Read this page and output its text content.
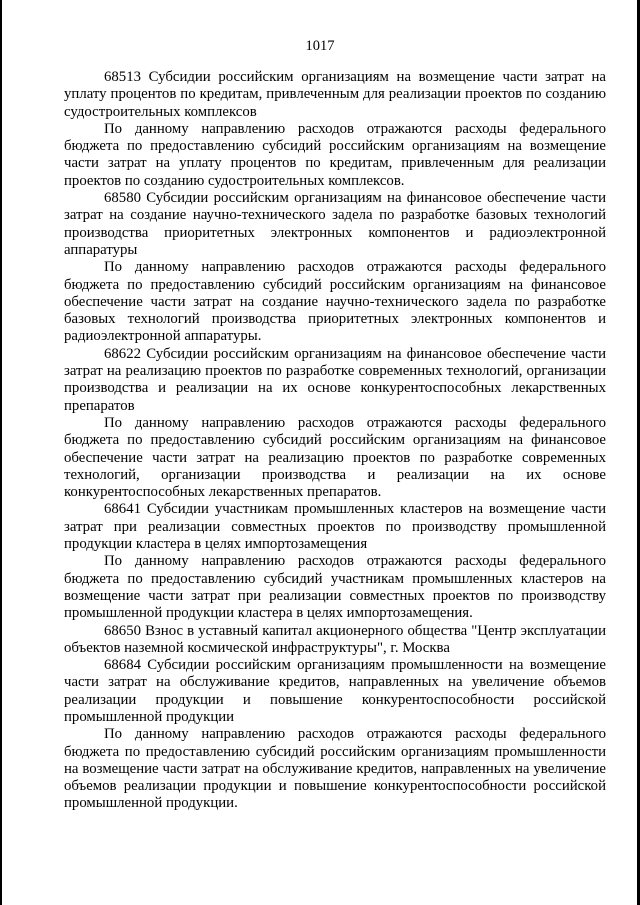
1017

68513 Субсидии российским организациям на возмещение части затрат на уплату процентов по кредитам, привлеченным для реализации проектов по созданию судостроительных комплексов

По данному направлению расходов отражаются расходы федерального бюджета по предоставлению субсидий российским организациям на возмещение части затрат на уплату процентов по кредитам, привлеченным для реализации проектов по созданию судостроительных комплексов.

68580 Субсидии российским организациям на финансовое обеспечение части затрат на создание научно-технического задела по разработке базовых технологий производства приоритетных электронных компонентов и радиоэлектронной аппаратуры

По данному направлению расходов отражаются расходы федерального бюджета по предоставлению субсидий российским организациям на финансовое обеспечение части затрат на создание научно-технического задела по разработке базовых технологий производства приоритетных электронных компонентов и радиоэлектронной аппаратуры.

68622 Субсидии российским организациям на финансовое обеспечение части затрат на реализацию проектов по разработке современных технологий, организации производства и реализации на их основе конкурентоспособных лекарственных препаратов

По данному направлению расходов отражаются расходы федерального бюджета по предоставлению субсидий российским организациям на финансовое обеспечение части затрат на реализацию проектов по разработке современных технологий, организации производства и реализации на их основе конкурентоспособных лекарственных препаратов.

68641 Субсидии участникам промышленных кластеров на возмещение части затрат при реализации совместных проектов по производству промышленной продукции кластера в целях импортозамещения

По данному направлению расходов отражаются расходы федерального бюджета по предоставлению субсидий участникам промышленных кластеров на возмещение части затрат при реализации совместных проектов по производству промышленной продукции кластера в целях импортозамещения.

68650 Взнос в уставный капитал акционерного общества "Центр эксплуатации объектов наземной космической инфраструктуры", г. Москва

68684 Субсидии российским организациям промышленности на возмещение части затрат на обслуживание кредитов, направленных на увеличение объемов реализации продукции и повышение конкурентоспособности российской промышленной продукции

По данному направлению расходов отражаются расходы федерального бюджета по предоставлению субсидий российским организациям промышленности на возмещение части затрат на обслуживание кредитов, направленных на увеличение объемов реализации продукции и повышение конкурентоспособности российской промышленной продукции.
